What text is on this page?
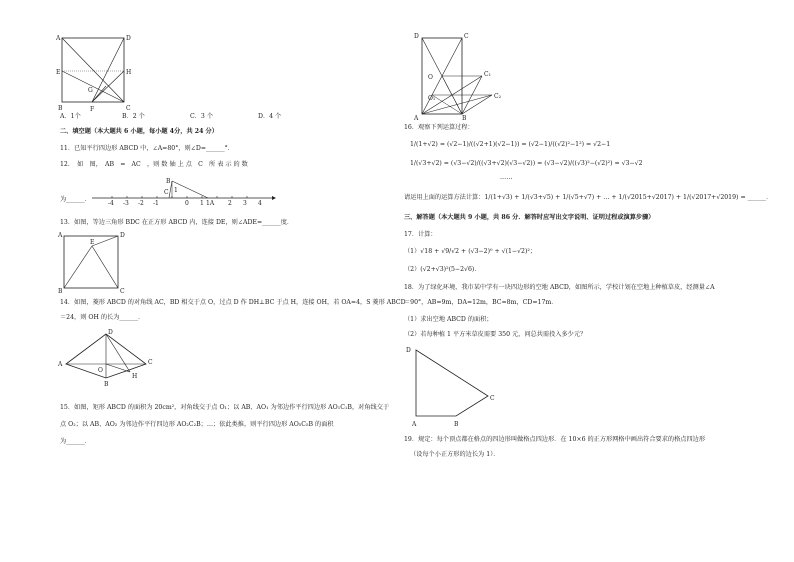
A	D
E	H
G
B	F	C
A．1个	B．2 个	C．3 个	D．4 个
二、填空题（本大题共 6 小题，每小题 4分，共 24 分）
11．已知平行四边形 ABCD 中，∠A=80°，则∠D=______°．
12．　如　图，　AB　=　AC　，则 数 轴 上 点　C　所 表 示 的 数
为______．
B
C 1
-4 -3 -2 -1	0 1 1A 2 3 4
13．如图，等边三角形 BDC 在正方形 ABCD 内，连接 DE，则∠ADE=______度．
A	D
E
B	C
14．如图，菱形 ABCD 的对角线 AC，BD 相交于点 O，过点 D 作 DH⊥BC 于点 H，连接 OH，若 OA=4，S 菱形 ABCD
＝24，则 OH 的长为______．
A
D
C
O
H
B
15．如图，矩形 ABCD 的面积为 20cm²，对角线交于点 O₁；以 AB、AO₁ 为邻边作平行四边形 AO₁C₁B，对角线交于
点 O₂；以 AB、AO₂ 为邻边作平行四边形 AO₂C₂B；…；依此类推，则平行四边形 AO₅C₅B 的面积
为______．
D	C
O
O₁
C₁
C₂
A	B
16．观察下列运算过程：
1/(1+√2) = (√2−1)/((√2+1)(√2−1)) = (√2−1)/((√2)²−1²) = √2−1
1/(√3+√2) = (√3−√2)/((√3+√2)(√3−√2)) = (√3−√2)/((√3)²−(√2)²) = √3−√2
……
请运用上面的运算方法计算：1/(1+√3) + 1/(√3+√5) + 1/(√5+√7) + … + 1/(√2015+√2017) + 1/(√2017+√2019) = ______．
三、解答题（本大题共 9 小题，共 86 分．解答时应写出文字说明、证明过程或演算步骤）
17．计算：
（1）√18 + √9/√2 + (√3−2)⁰ + √(1−√2)²；
（2）(√2+√3)²(5−2√6)．
18．为了绿化环境，我市某中学有一块四边形的空地 ABCD，如图所示，学校计划在空地上种植草皮，经测量∠A
＝90°，AB=9m，DA=12m，BC=8m，CD=17m．
（1）求出空地 ABCD 的面积；
（2）若每种植 1 平方米草皮需要 350 元，问总共需投入多少元？
D
C
A	B
19．规定：每个顶点都在格点的四边形叫做格点四边形．在 10×6 的正方形网格中画出符合要求的格点四边形
（设每个小正方形的边长为 1）．
